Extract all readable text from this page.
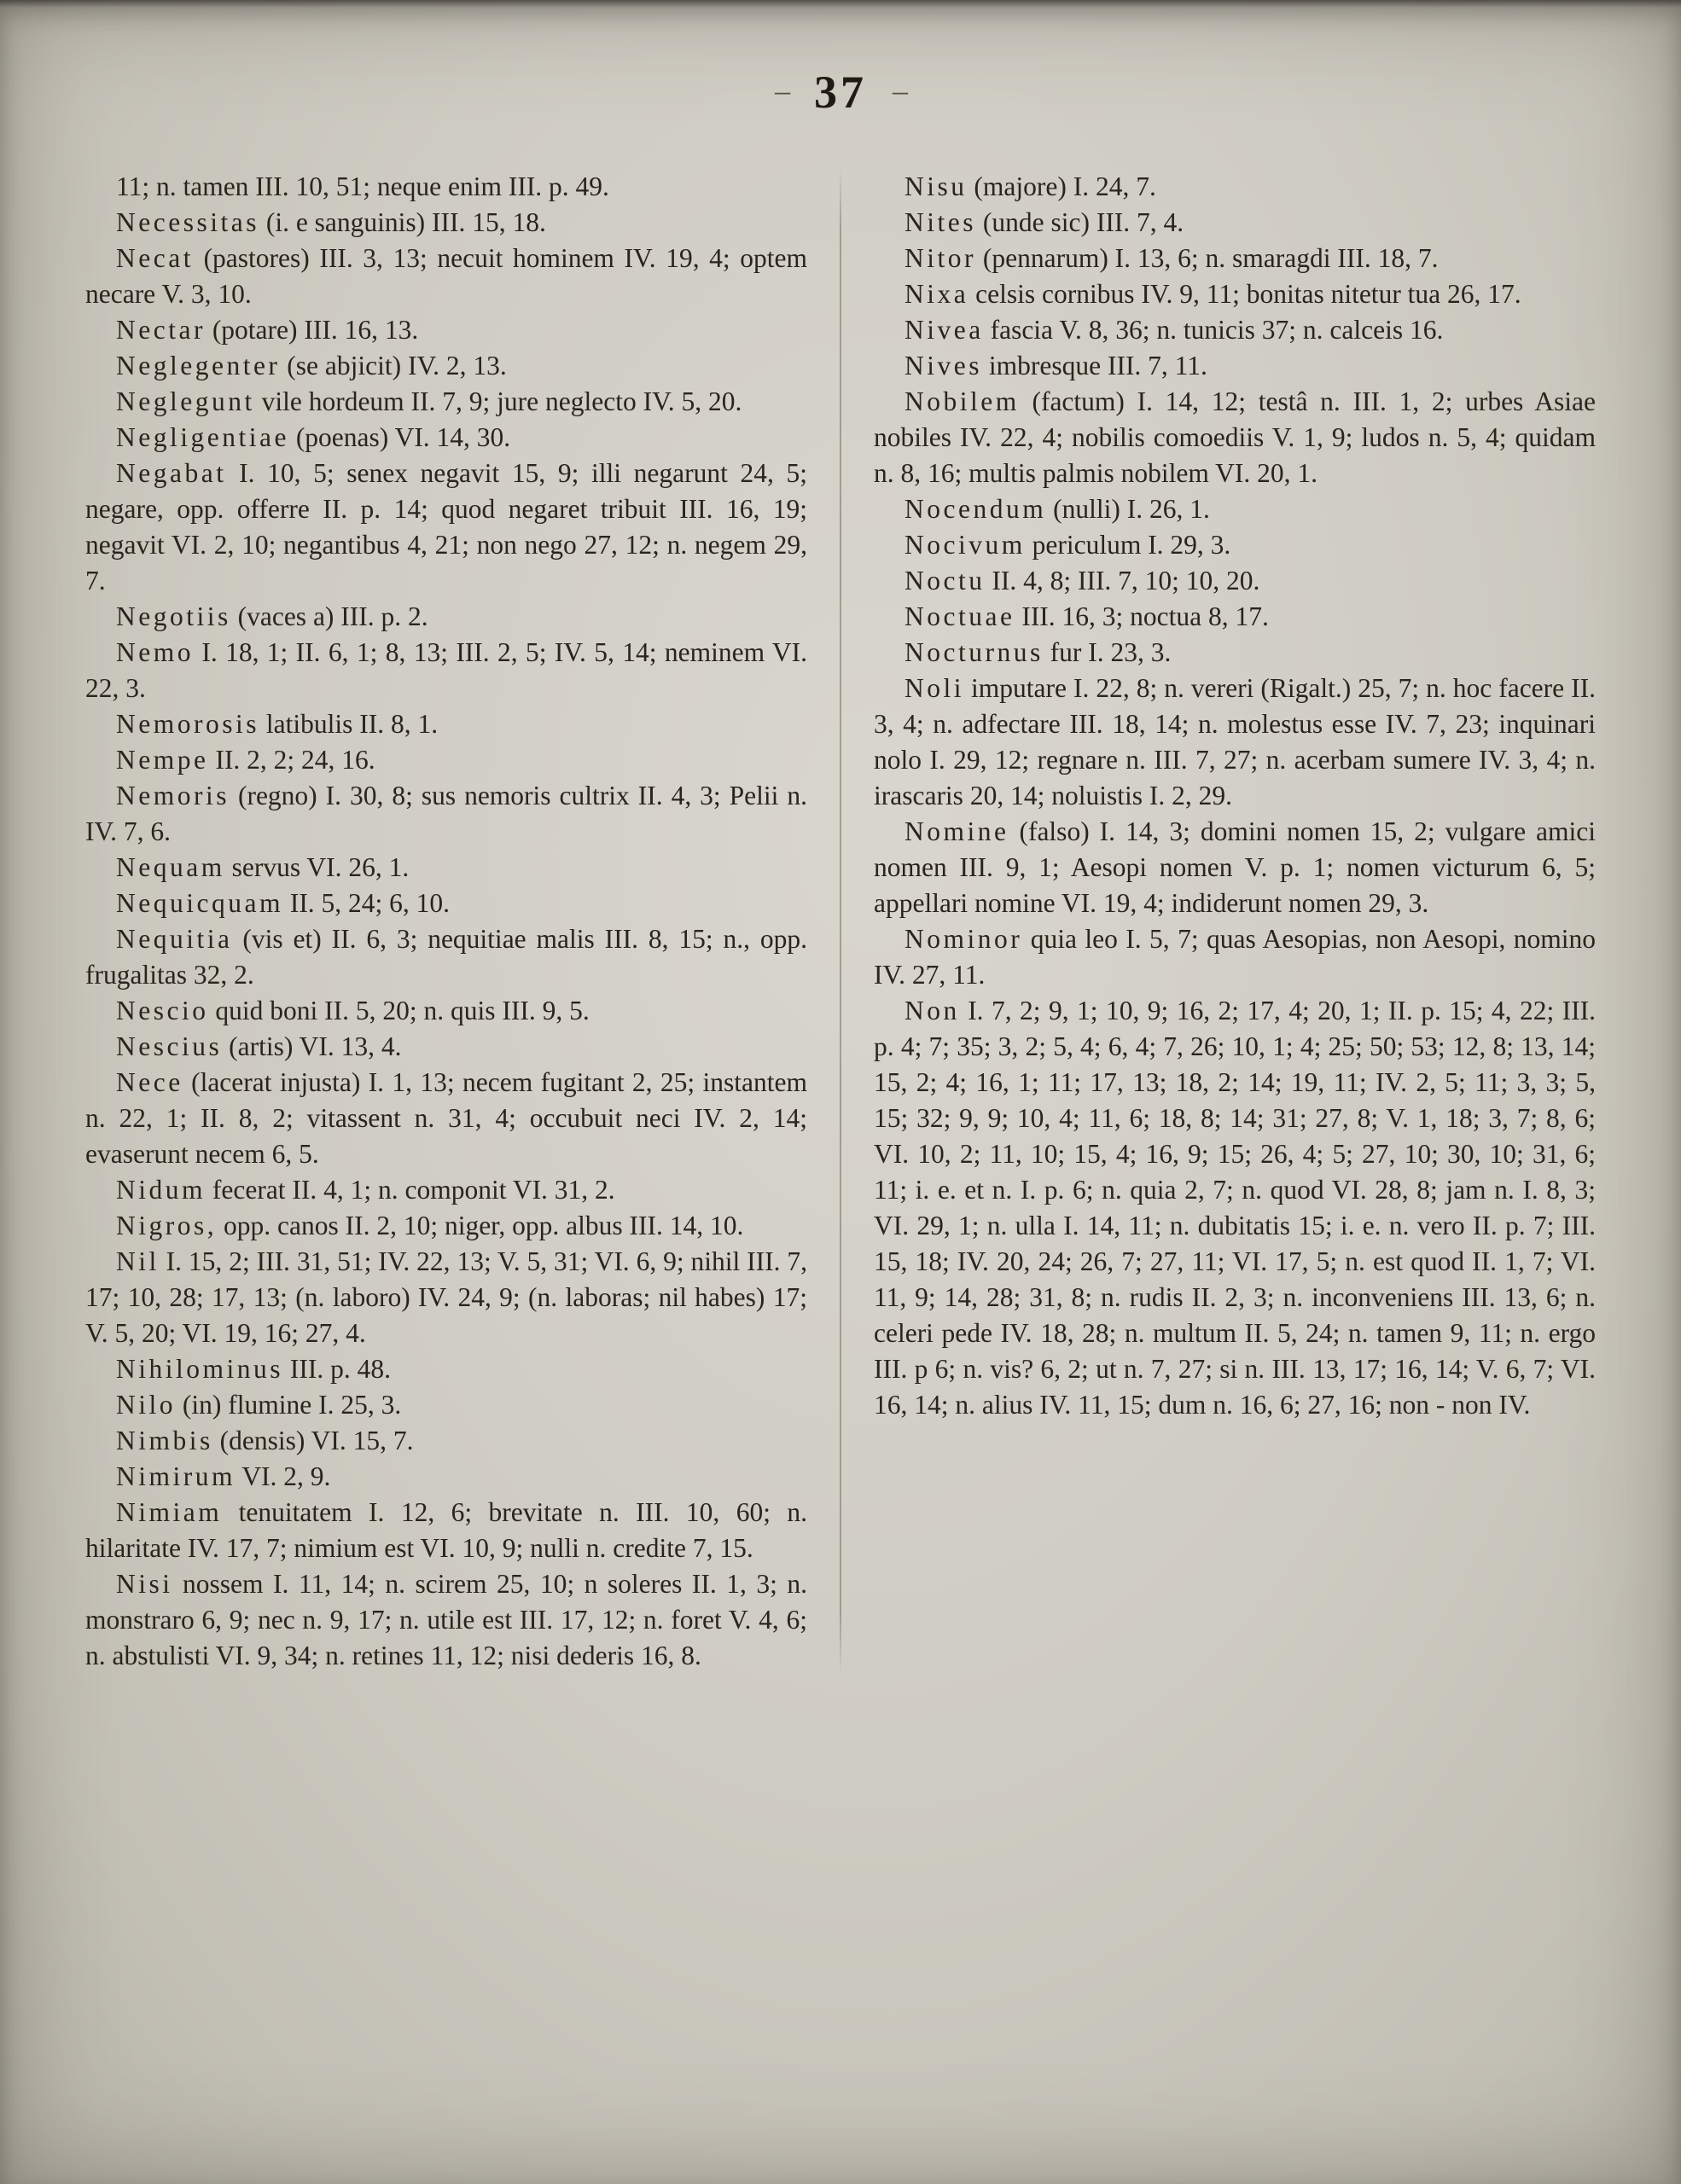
– 37 –

11; n. tamen III. 10, 51; neque enim III. p. 49.

Necessitas (i. e sanguinis) III. 15, 18.

Necat (pastores) III. 3, 13; necuit hominem IV. 19, 4; optem necare V. 3, 10.

Nectar (potare) III. 16, 13.

Neglegenter (se abjicit) IV. 2, 13.

Neglegunt vile hordeum II. 7, 9; jure neglecto IV. 5, 20.

Negligentiae (poenas) VI. 14, 30.

Negabat I. 10, 5; senex negavit 15, 9; illi negarunt 24, 5; negare, opp. offerre II. p. 14; quod negaret tribuit III. 16, 19; negavit VI. 2, 10; negantibus 4, 21; non nego 27, 12; n. negem 29, 7.

Negotiis (vaces a) III. p. 2.

Nemo I. 18, 1; II. 6, 1; 8, 13; III. 2, 5; IV. 5, 14; neminem VI. 22, 3.

Nemorosis latibulis II. 8, 1.

Nempe II. 2, 2; 24, 16.

Nemoris (regno) I. 30, 8; sus nemoris cultrix II. 4, 3; Pelii n. IV. 7, 6.

Nequam servus VI. 26, 1.

Nequicquam II. 5, 24; 6, 10.

Nequitia (vis et) II. 6, 3; nequitiae malis III. 8, 15; n., opp. frugalitas 32, 2.

Nescio quid boni II. 5, 20; n. quis III. 9, 5.

Nescius (artis) VI. 13, 4.

Nece (lacerat injusta) I. 1, 13; necem fugitant 2, 25; instantem n. 22, 1; II. 8, 2; vitassent n. 31, 4; occubuit neci IV. 2, 14; evaserunt necem 6, 5.

Nidum fecerat II. 4, 1; n. componit VI. 31, 2.

Nigros, opp. canos II. 2, 10; niger, opp. albus III. 14, 10.

Nil I. 15, 2; III. 31, 51; IV. 22, 13; V. 5, 31; VI. 6, 9; nihil III. 7, 17; 10, 28; 17, 13; (n. laboro) IV. 24, 9; (n. laboras; nil habes) 17; V. 5, 20; VI. 19, 16; 27, 4.

Nihilominus III. p. 48.

Nilo (in) flumine I. 25, 3.

Nimbis (densis) VI. 15, 7.

Nimirum VI. 2, 9.

Nimiam tenuitatem I. 12, 6; brevitate n. III. 10, 60; n. hilaritate IV. 17, 7; nimium est VI. 10, 9; nulli n. credite 7, 15.

Nisi nossem I. 11, 14; n. scirem 25, 10; n soleres II. 1, 3; n. monstraro 6, 9; nec n. 9, 17; n. utile est III. 17, 12; n. foret V. 4, 6; n. abstulisti VI. 9, 34; n. retines 11, 12; nisi dederis 16, 8.

Nisu (majore) I. 24, 7.

Nites (unde sic) III. 7, 4.

Nitor (pennarum) I. 13, 6; n. smaragdi III. 18, 7.

Nixa celsis cornibus IV. 9, 11; bonitas nitetur tua 26, 17.

Nivea fascia V. 8, 36; n. tunicis 37; n. calceis 16.

Nives imbresque III. 7, 11.

Nobilem (factum) I. 14, 12; testâ n. III. 1, 2; urbes Asiae nobiles IV. 22, 4; nobilis comoediis V. 1, 9; ludos n. 5, 4; quidam n. 8, 16; multis palmis nobilem VI. 20, 1.

Nocendum (nulli) I. 26, 1.

Nocivum periculum I. 29, 3.

Noctu II. 4, 8; III. 7, 10; 10, 20.

Noctuae III. 16, 3; noctua 8, 17.

Nocturnus fur I. 23, 3.

Noli imputare I. 22, 8; n. vereri (Rigalt.) 25, 7; n. hoc facere II. 3, 4; n. adfectare III. 18, 14; n. molestus esse IV. 7, 23; inquinari nolo I. 29, 12; regnare n. III. 7, 27; n. acerbam sumere IV. 3, 4; n. irascaris 20, 14; noluistis I. 2, 29.

Nomine (falso) I. 14, 3; domini nomen 15, 2; vulgare amici nomen III. 9, 1; Aesopi nomen V. p. 1; nomen victurum 6, 5; appellari nomine VI. 19, 4; indiderunt nomen 29, 3.

Nominor quia leo I. 5, 7; quas Aesopias, non Aesopi, nomino IV. 27, 11.

Non I. 7, 2; 9, 1; 10, 9; 16, 2; 17, 4; 20, 1; II. p. 15; 4, 22; III. p. 4; 7; 35; 3, 2; 5, 4; 6, 4; 7, 26; 10, 1; 4; 25; 50; 53; 12, 8; 13, 14; 15, 2; 4; 16, 1; 11; 17, 13; 18, 2; 14; 19, 11; IV. 2, 5; 11; 3, 3; 5, 15; 32; 9, 9; 10, 4; 11, 6; 18, 8; 14; 31; 27, 8; V. 1, 18; 3, 7; 8, 6; VI. 10, 2; 11, 10; 15, 4; 16, 9; 15; 26, 4; 5; 27, 10; 30, 10; 31, 6; 11; i. e. et n. I. p. 6; n. quia 2, 7; n. quod VI. 28, 8; jam n. I. 8, 3; VI. 29, 1; n. ulla I. 14, 11; n. dubitatis 15; i. e. n. vero II. p. 7; III. 15, 18; IV. 20, 24; 26, 7; 27, 11; VI. 17, 5; n. est quod II. 1, 7; VI. 11, 9; 14, 28; 31, 8; n. rudis II. 2, 3; n. inconveniens III. 13, 6; n. celeri pede IV. 18, 28; n. multum II. 5, 24; n. tamen 9, 11; n. ergo III. p 6; n. vis? 6, 2; ut n. 7, 27; si n. III. 13, 17; 16, 14; V. 6, 7; VI. 16, 14; n. alius IV. 11, 15; dum n. 16, 6; 27, 16; non - non IV.
